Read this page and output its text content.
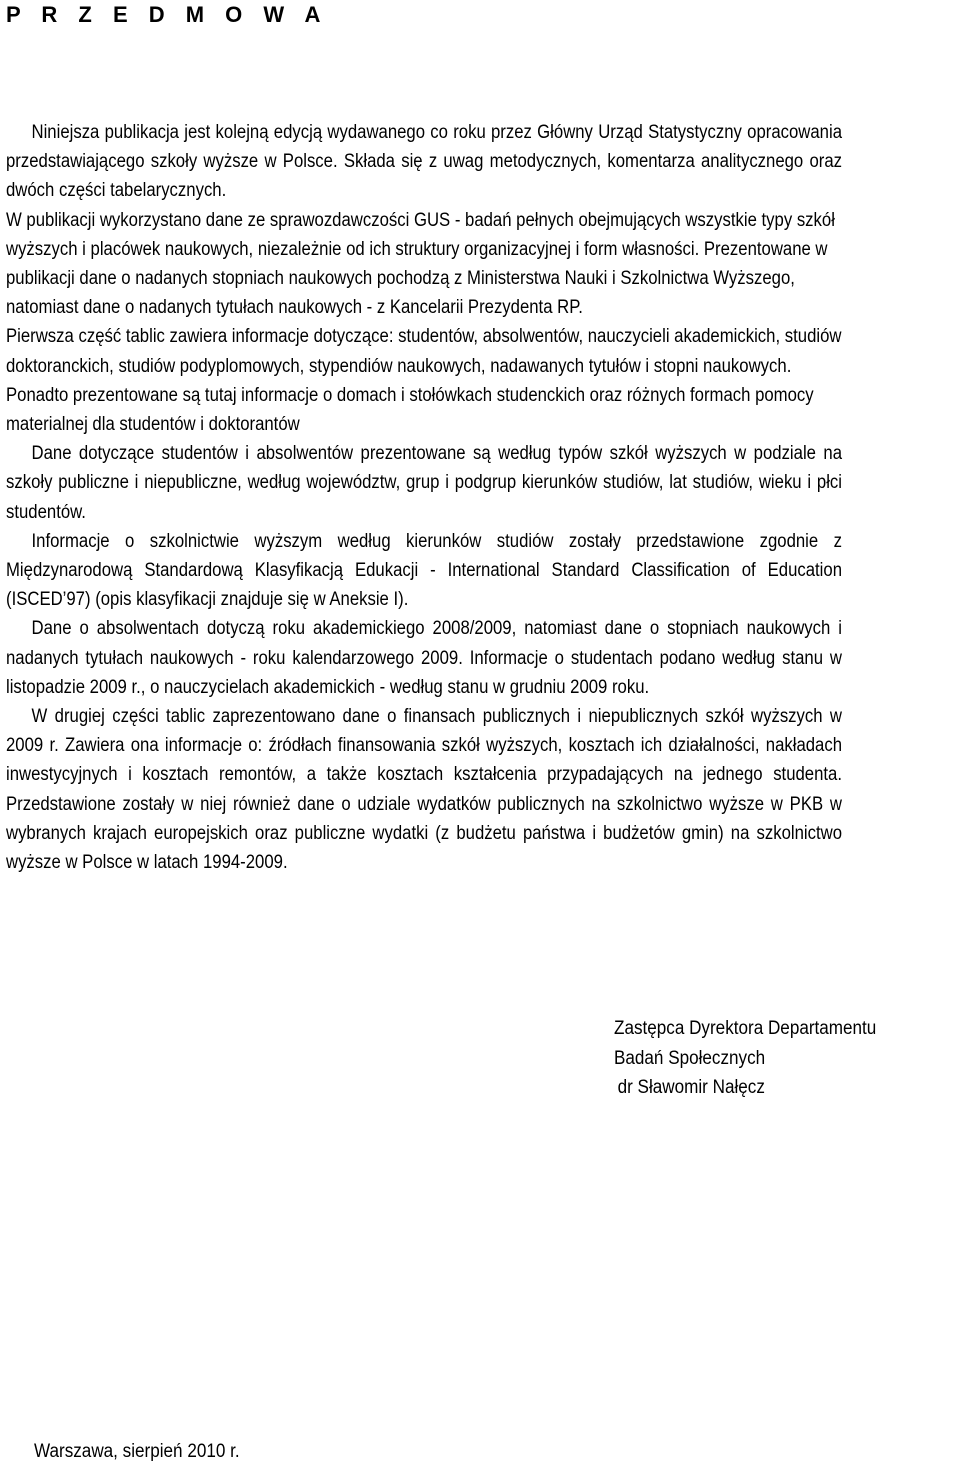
P R Z E D M O W A

Niniejsza publikacja jest kolejną edycją wydawanego co roku przez Główny Urząd Statystyczny opracowania przedstawiającego szkoły wyższe w Polsce. Składa się z uwag metodycznych, komentarza analitycznego oraz dwóch części tabelarycznych.

W publikacji wykorzystano dane ze sprawozdawczości GUS - badań pełnych obejmujących wszystkie typy szkół wyższych i placówek naukowych, niezależnie od ich struktury organizacyjnej i form własności.

Prezentowane w publikacji dane o nadanych stopniach naukowych pochodzą z Ministerstwa Nauki i Szkolnictwa Wyższego, natomiast dane o nadanych tytułach naukowych - z Kancelarii Prezydenta RP.

Pierwsza część tablic zawiera informacje dotyczące: studentów, absolwentów, nauczycieli akademickich, studiów doktoranckich, studiów podyplomowych, stypendiów naukowych, nadawanych tytułów i stopni naukowych.

Ponadto prezentowane są tutaj informacje o domach i stołówkach studenckich oraz różnych formach pomocy materialnej dla studentów i doktorantów

Dane dotyczące studentów i absolwentów prezentowane są według typów szkół wyższych w podziale na szkoły publiczne i niepubliczne, według województw, grup i podgrup kierunków studiów, lat studiów, wieku i płci studentów.

Informacje o szkolnictwie wyższym według kierunków studiów zostały przedstawione zgodnie z Międzynarodową Standardową Klasyfikacją Edukacji - International Standard Classification of Education (ISCED’97) (opis klasyfikacji znajduje się w Aneksie I).

Dane o absolwentach dotyczą roku akademickiego 2008/2009, natomiast dane o stopniach naukowych i nadanych tytułach naukowych - roku kalendarzowego 2009. Informacje o studentach podano według stanu w listopadzie 2009 r., o nauczycielach akademickich - według stanu w grudniu 2009 roku.

W drugiej części tablic zaprezentowano dane o finansach publicznych i niepublicznych szkół wyższych w 2009 r. Zawiera ona informacje o: źródłach finansowania szkół wyższych, kosztach ich działalności, nakładach inwestycyjnych i kosztach remontów, a także kosztach kształcenia przypadających na jednego studenta. Przedstawione zostały w niej również dane o udziale wydatków publicznych na szkolnictwo wyższe w PKB w wybranych krajach europejskich oraz publiczne wydatki (z budżetu państwa i budżetów gmin) na szkolnictwo wyższe w Polsce w latach 1994-2009.

Zastępca Dyrektora Departamentu
Badań Społecznych
dr Sławomir Nałęcz
Warszawa, sierpień 2010 r.
